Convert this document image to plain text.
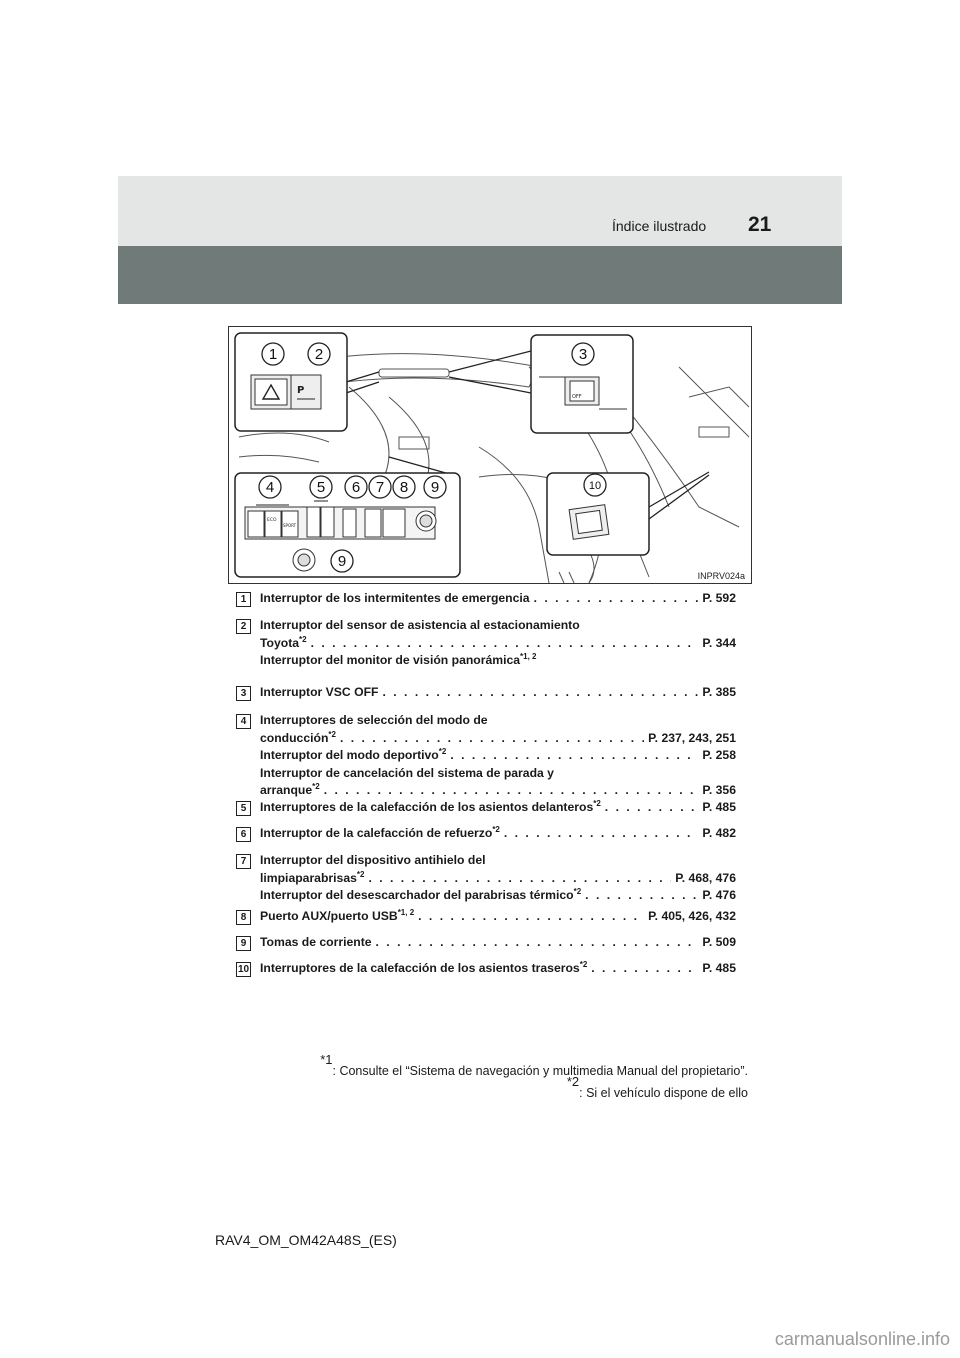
Índice ilustrado 21
P
OFF
ECO
SPORT
1	2	3
4	5 6 7 8 9
9
10
INPRV024a
1	Interruptor de los intermitentes de emergencia . . .	P. 592
2	Interruptor del sensor de asistencia al estacionamiento
Toyota$^{*2}$ . . .	P. 344
Interruptor del monitor de visión panorámica$^{*1, 2}$
3	Interruptor VSC OFF . . .	P. 385
4	Interruptores de selección del modo de
conducción$^{*2}$ . . .	P. 237, 243, 251
Interruptor del modo deportivo$^{*2}$ . . .	P. 258
Interruptor de cancelación del sistema de parada y
arranque$^{*2}$ . . .	P. 356
5	Interruptores de la calefacción de los asientos delanteros$^{*2}$ . . .	P. 485
6	Interruptor de la calefacción de refuerzo$^{*2}$ . . .	P. 482
7	Interruptor del dispositivo antihielo del
limpiaparabrisas$^{*2}$ . . .	P. 468, 476
Interruptor del desescarchador del parabrisas térmico$^{*2}$ . . .	P. 476
8	Puerto AUX/puerto USB$^{*1, 2}$ . . .	P. 405, 426, 432
9	Tomas de corriente . . .	P. 509
10 Interruptores de la calefacción de los asientos traseros$^{*2}$ . . .	P. 485
$^{*1}$: Consulte el “Sistema de navegación y multimedia Manual del propietario”.
$^{*2}$: Si el vehículo dispone de ello
RAV4_OM_OM42A48S_(ES)
carmanualsonline.info
